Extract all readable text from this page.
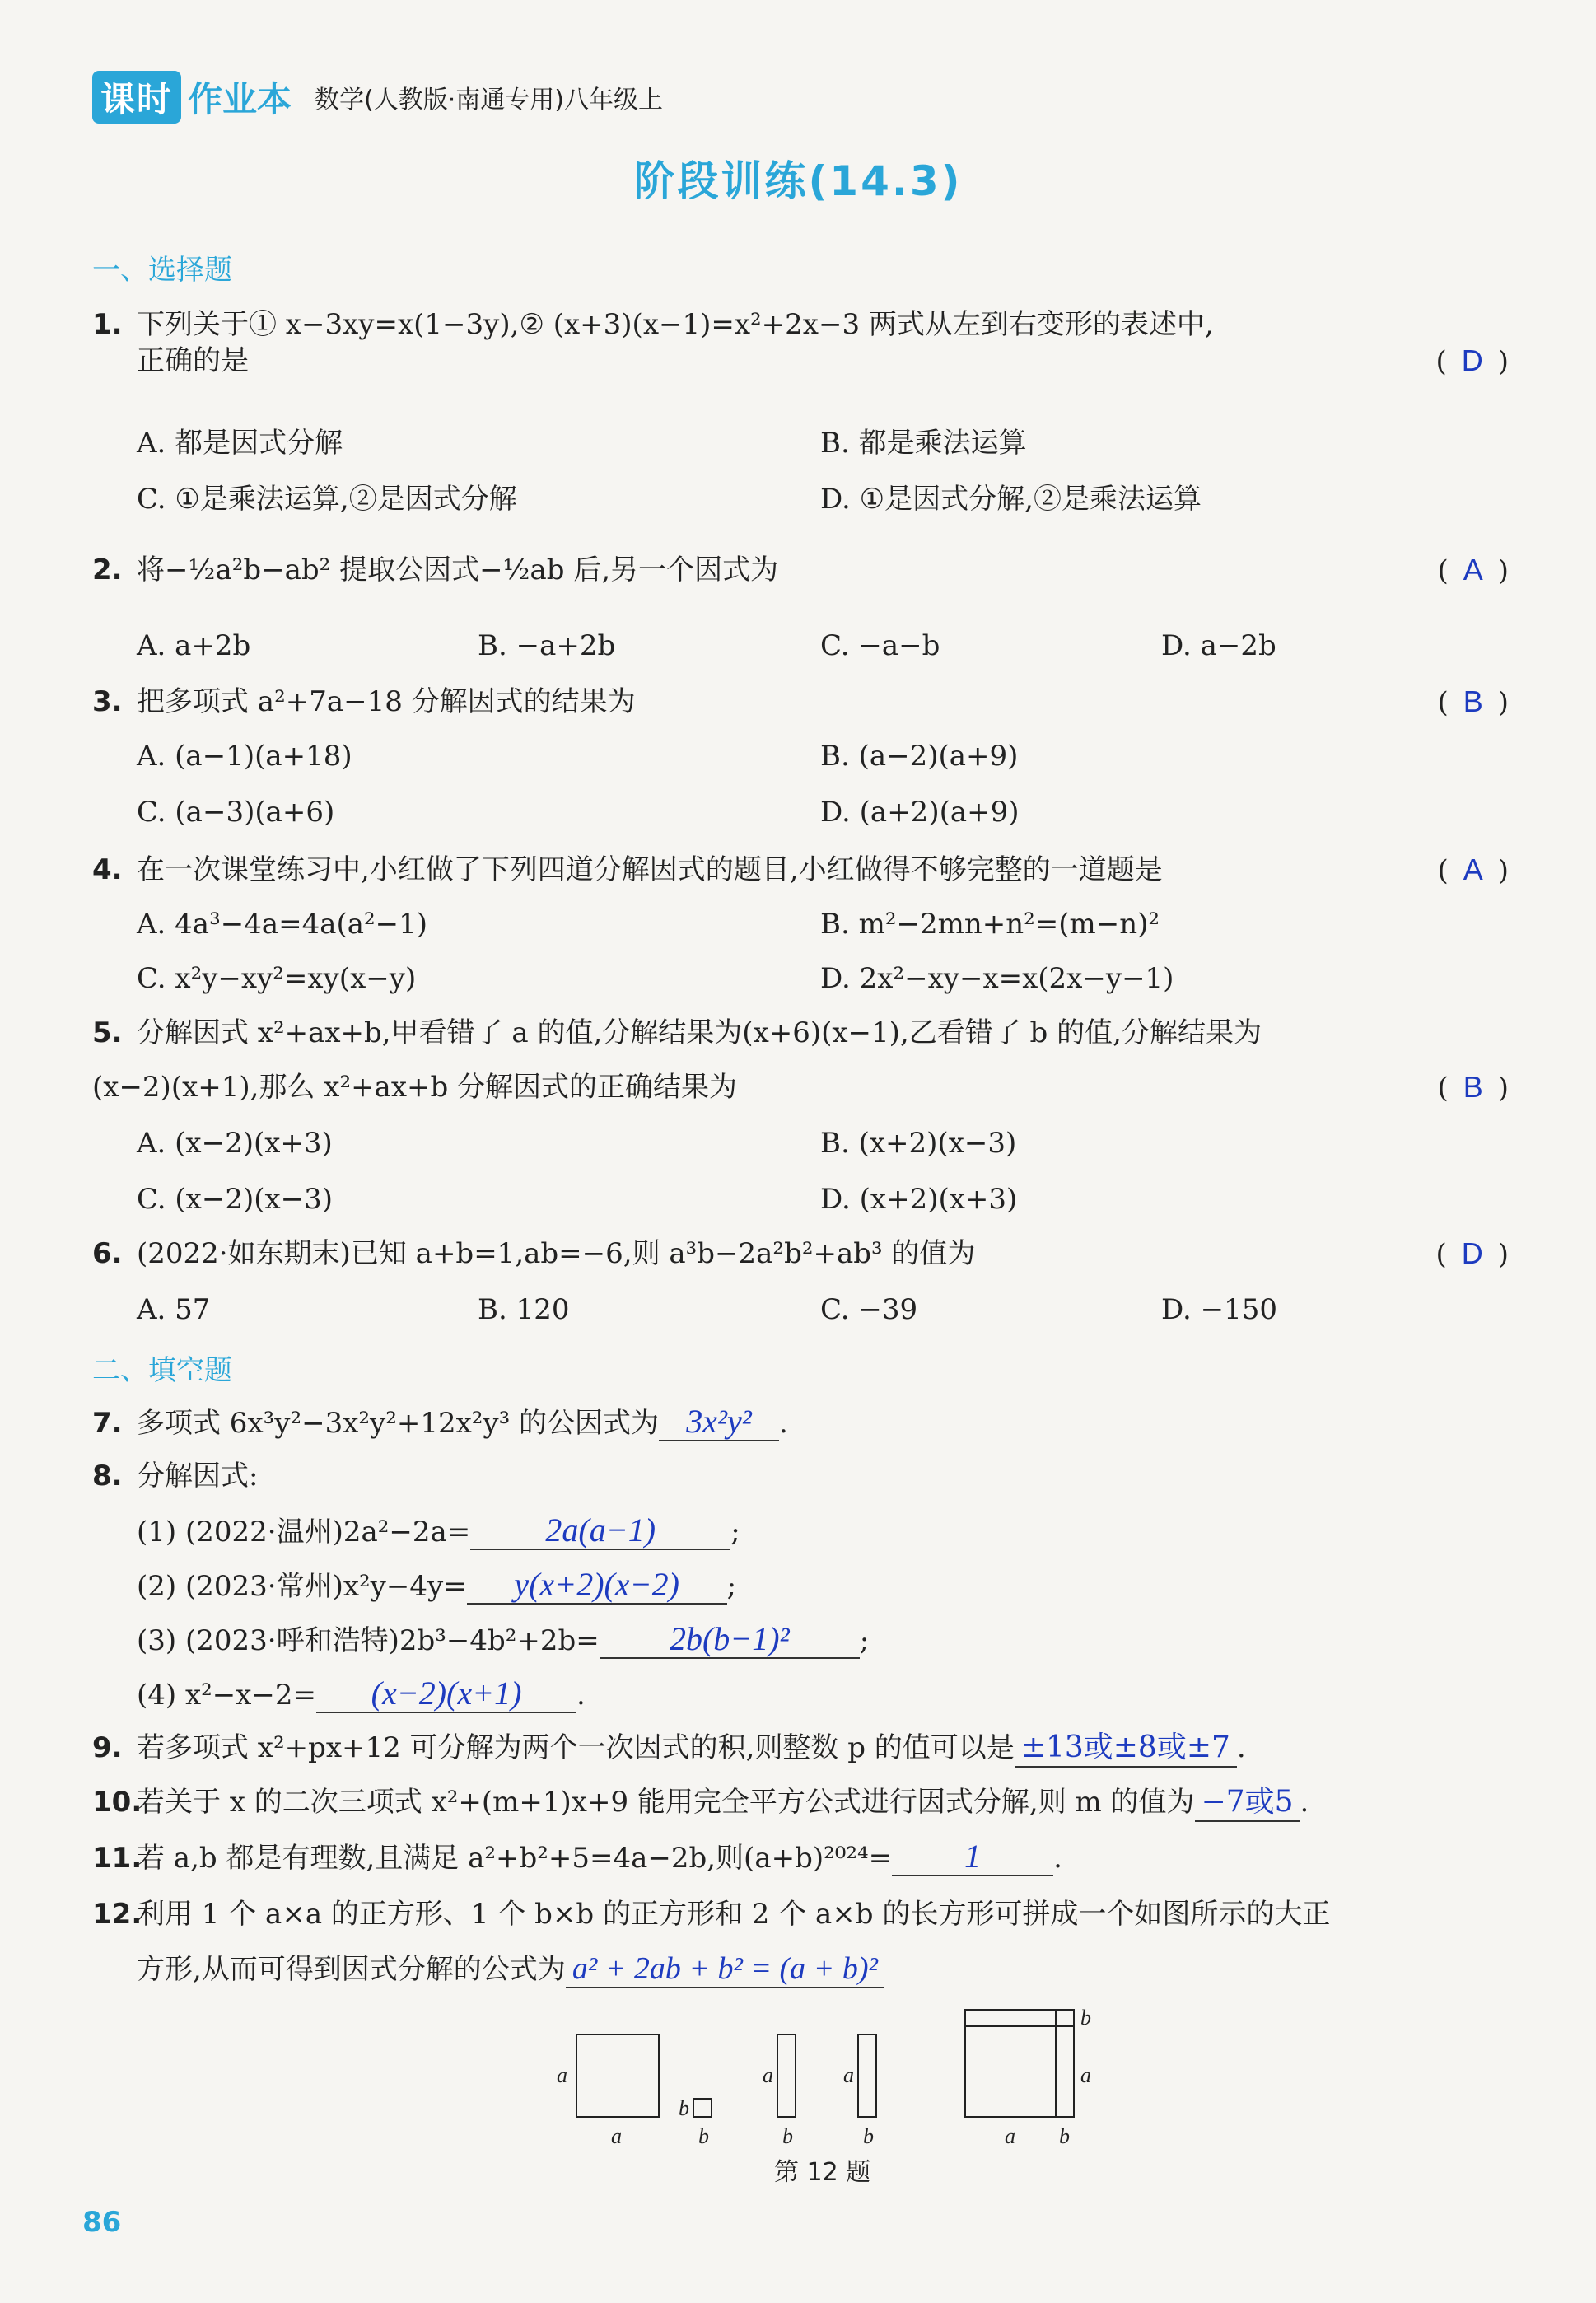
课时 作业本 数学(人教版·南通专用)八年级上
阶段训练(14.3)
一、选择题
1. 下列关于① x−3xy=x(1−3y),② (x+3)(x−1)=x²+2x−3 两式从左到右变形的表述中,
正确的是	( D )
A. 都是因式分解	B. 都是乘法运算
C. ①是乘法运算,②是因式分解	D. ①是因式分解,②是乘法运算
2. 将−½a²b−ab² 提取公因式−½ab 后,另一个因式为	( A )
A. a+2b	B. −a+2b	C. −a−b	D. a−2b
3. 把多项式 a²+7a−18 分解因式的结果为	( B )
A. (a−1)(a+18)	B. (a−2)(a+9)
C. (a−3)(a+6)	D. (a+2)(a+9)
4. 在一次课堂练习中,小红做了下列四道分解因式的题目,小红做得不够完整的一道题是	( A )
A. 4a³−4a=4a(a²−1)	B. m²−2mn+n²=(m−n)²
C. x²y−xy²=xy(x−y)	D. 2x²−xy−x=x(2x−y−1)
5. 分解因式 x²+ax+b,甲看错了 a 的值,分解结果为(x+6)(x−1),乙看错了 b 的值,分解结果为
(x−2)(x+1),那么 x²+ax+b 分解因式的正确结果为	( B )
A. (x−2)(x+3)	B. (x+2)(x−3)
C. (x−2)(x−3)	D. (x+2)(x+3)
6. (2022·如东期末)已知 a+b=1,ab=−6,则 a³b−2a²b²+ab³ 的值为	( D )
A. 57	B. 120	C. −39	D. −150
二、填空题
7. 多项式 6x³y²−3x²y²+12x²y³ 的公因式为 3x²y² .
8. 分解因式:
(1) (2022·温州)2a²−2a= 2a(a−1)	;
(2) (2023·常州)x²y−4y= y(x+2)(x−2) ;
(3) (2023·呼和浩特)2b³−4b²+2b= 2b(b−1)²	;
(4) x²−x−2= (x−2)(x+1) .
9. 若多项式 x²+px+12 可分解为两个一次因式的积,则整数 p 的值可以是 ±13或±8或±7 .
10.若关于 x 的二次三项式 x²+(m+1)x+9 能用完全平方公式进行因式分解,则 m 的值为 −7或5 .
11.若 a,b 都是有理数,且满足 a²+b²+5=4a−2b,则(a+b)²⁰²⁴= 1	.
12.利用 1 个 a×a 的正方形、1 个 b×b 的正方形和 2 个 a×b 的长方形可拼成一个如图所示的大正
方形,从而可得到因式分解的公式为 a² + 2ab + b² = (a + b)²
a
a
b
b
a
b
a
b
b
a
a b
第 12 题
86
